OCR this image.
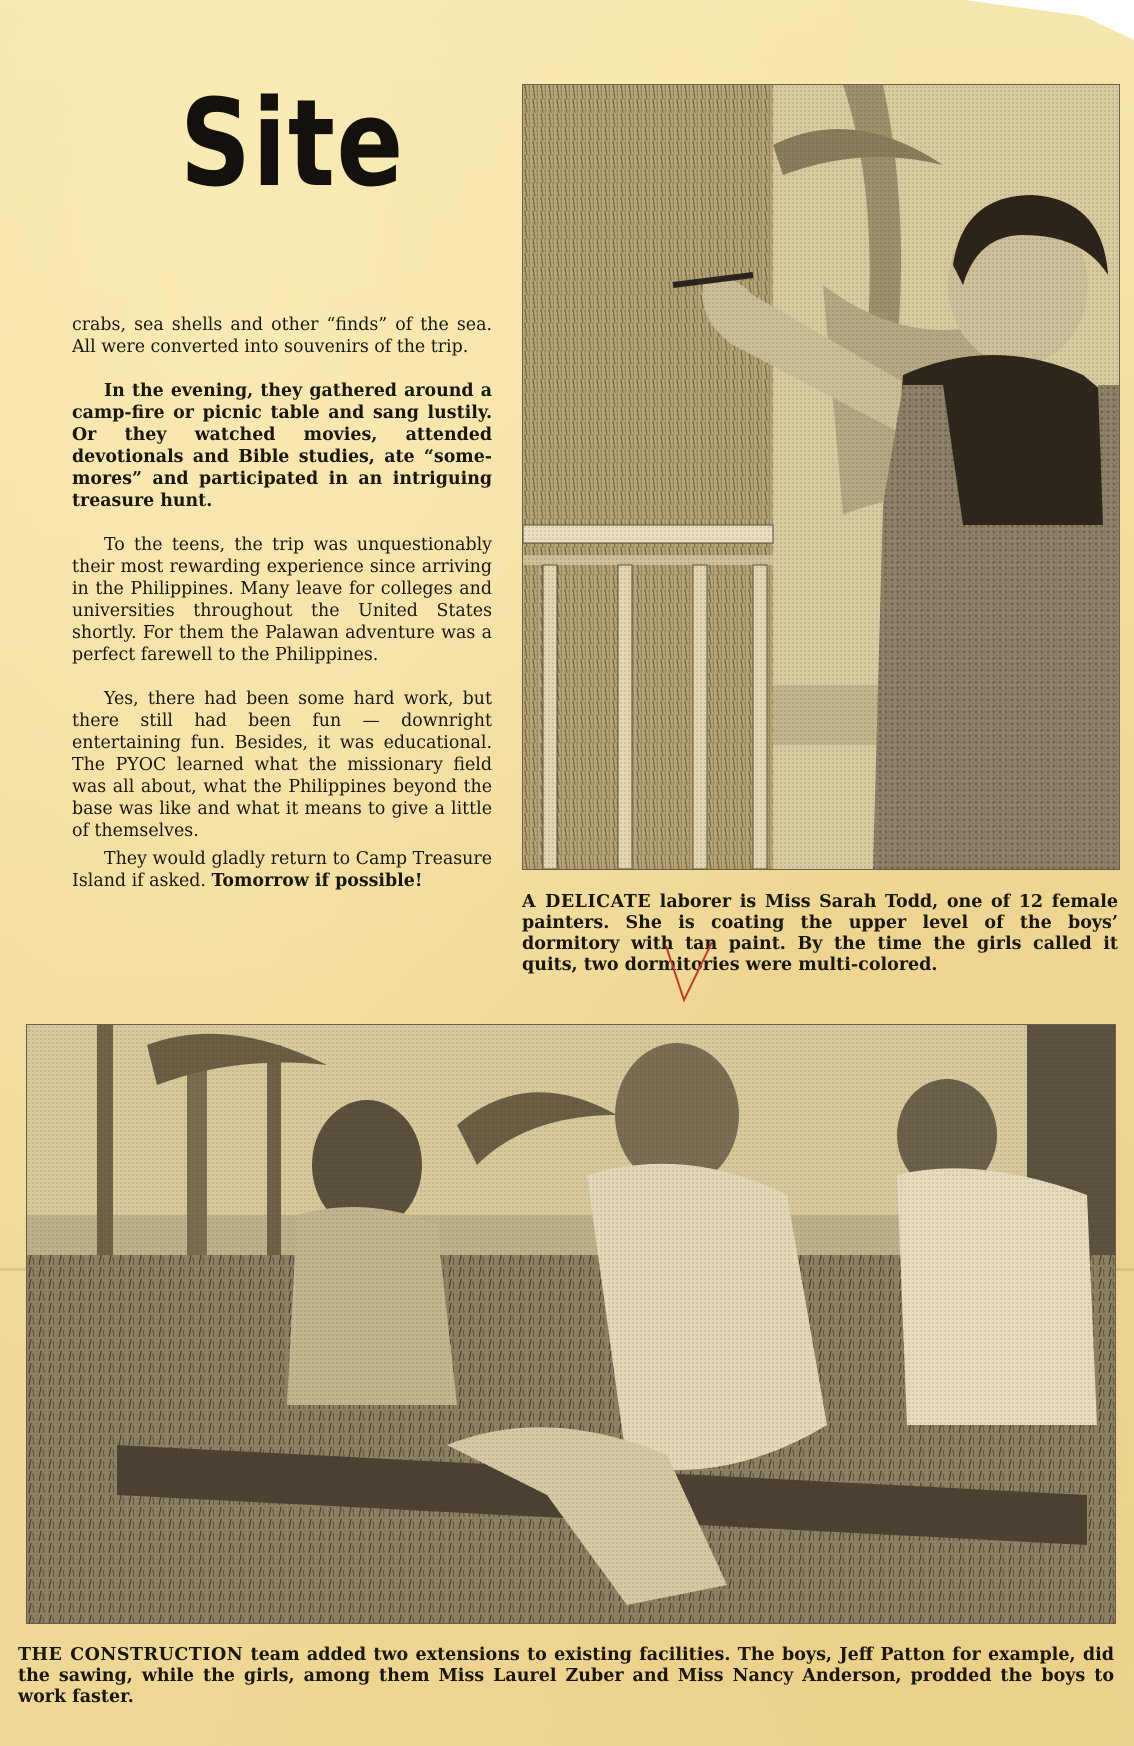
Site

crabs, sea shells and other “finds” of the sea. All were converted into souvenirs of the trip.

In the evening, they gathered around a camp-fire or picnic table and sang lustily. Or they watched movies, attended devotionals and Bible studies, ate “some-mores” and participated in an intriguing treasure hunt.

To the teens, the trip was unquestionably their most rewarding experience since arriving in the Philippines. Many leave for colleges and universities throughout the United States shortly. For them the Palawan adventure was a perfect farewell to the Philippines.

Yes, there had been some hard work, but there still had been fun — downright entertaining fun. Besides, it was educational. The PYOC learned what the missionary field was all about, what the Philippines beyond the base was like and what it means to give a little of themselves.

They would gladly return to Camp Treasure Island if asked. Tomorrow if possible!

A DELICATE laborer is Miss Sarah Todd, one of 12 female painters. She is coating the upper level of the boys’ dormitory with tan paint. By the time the girls called it quits, two dormitories were multi-colored.
THE CONSTRUCTION team added two extensions to existing facilities. The boys, Jeff Patton for example, did the sawing, while the girls, among them Miss Laurel Zuber and Miss Nancy Anderson, prodded the boys to work faster.
